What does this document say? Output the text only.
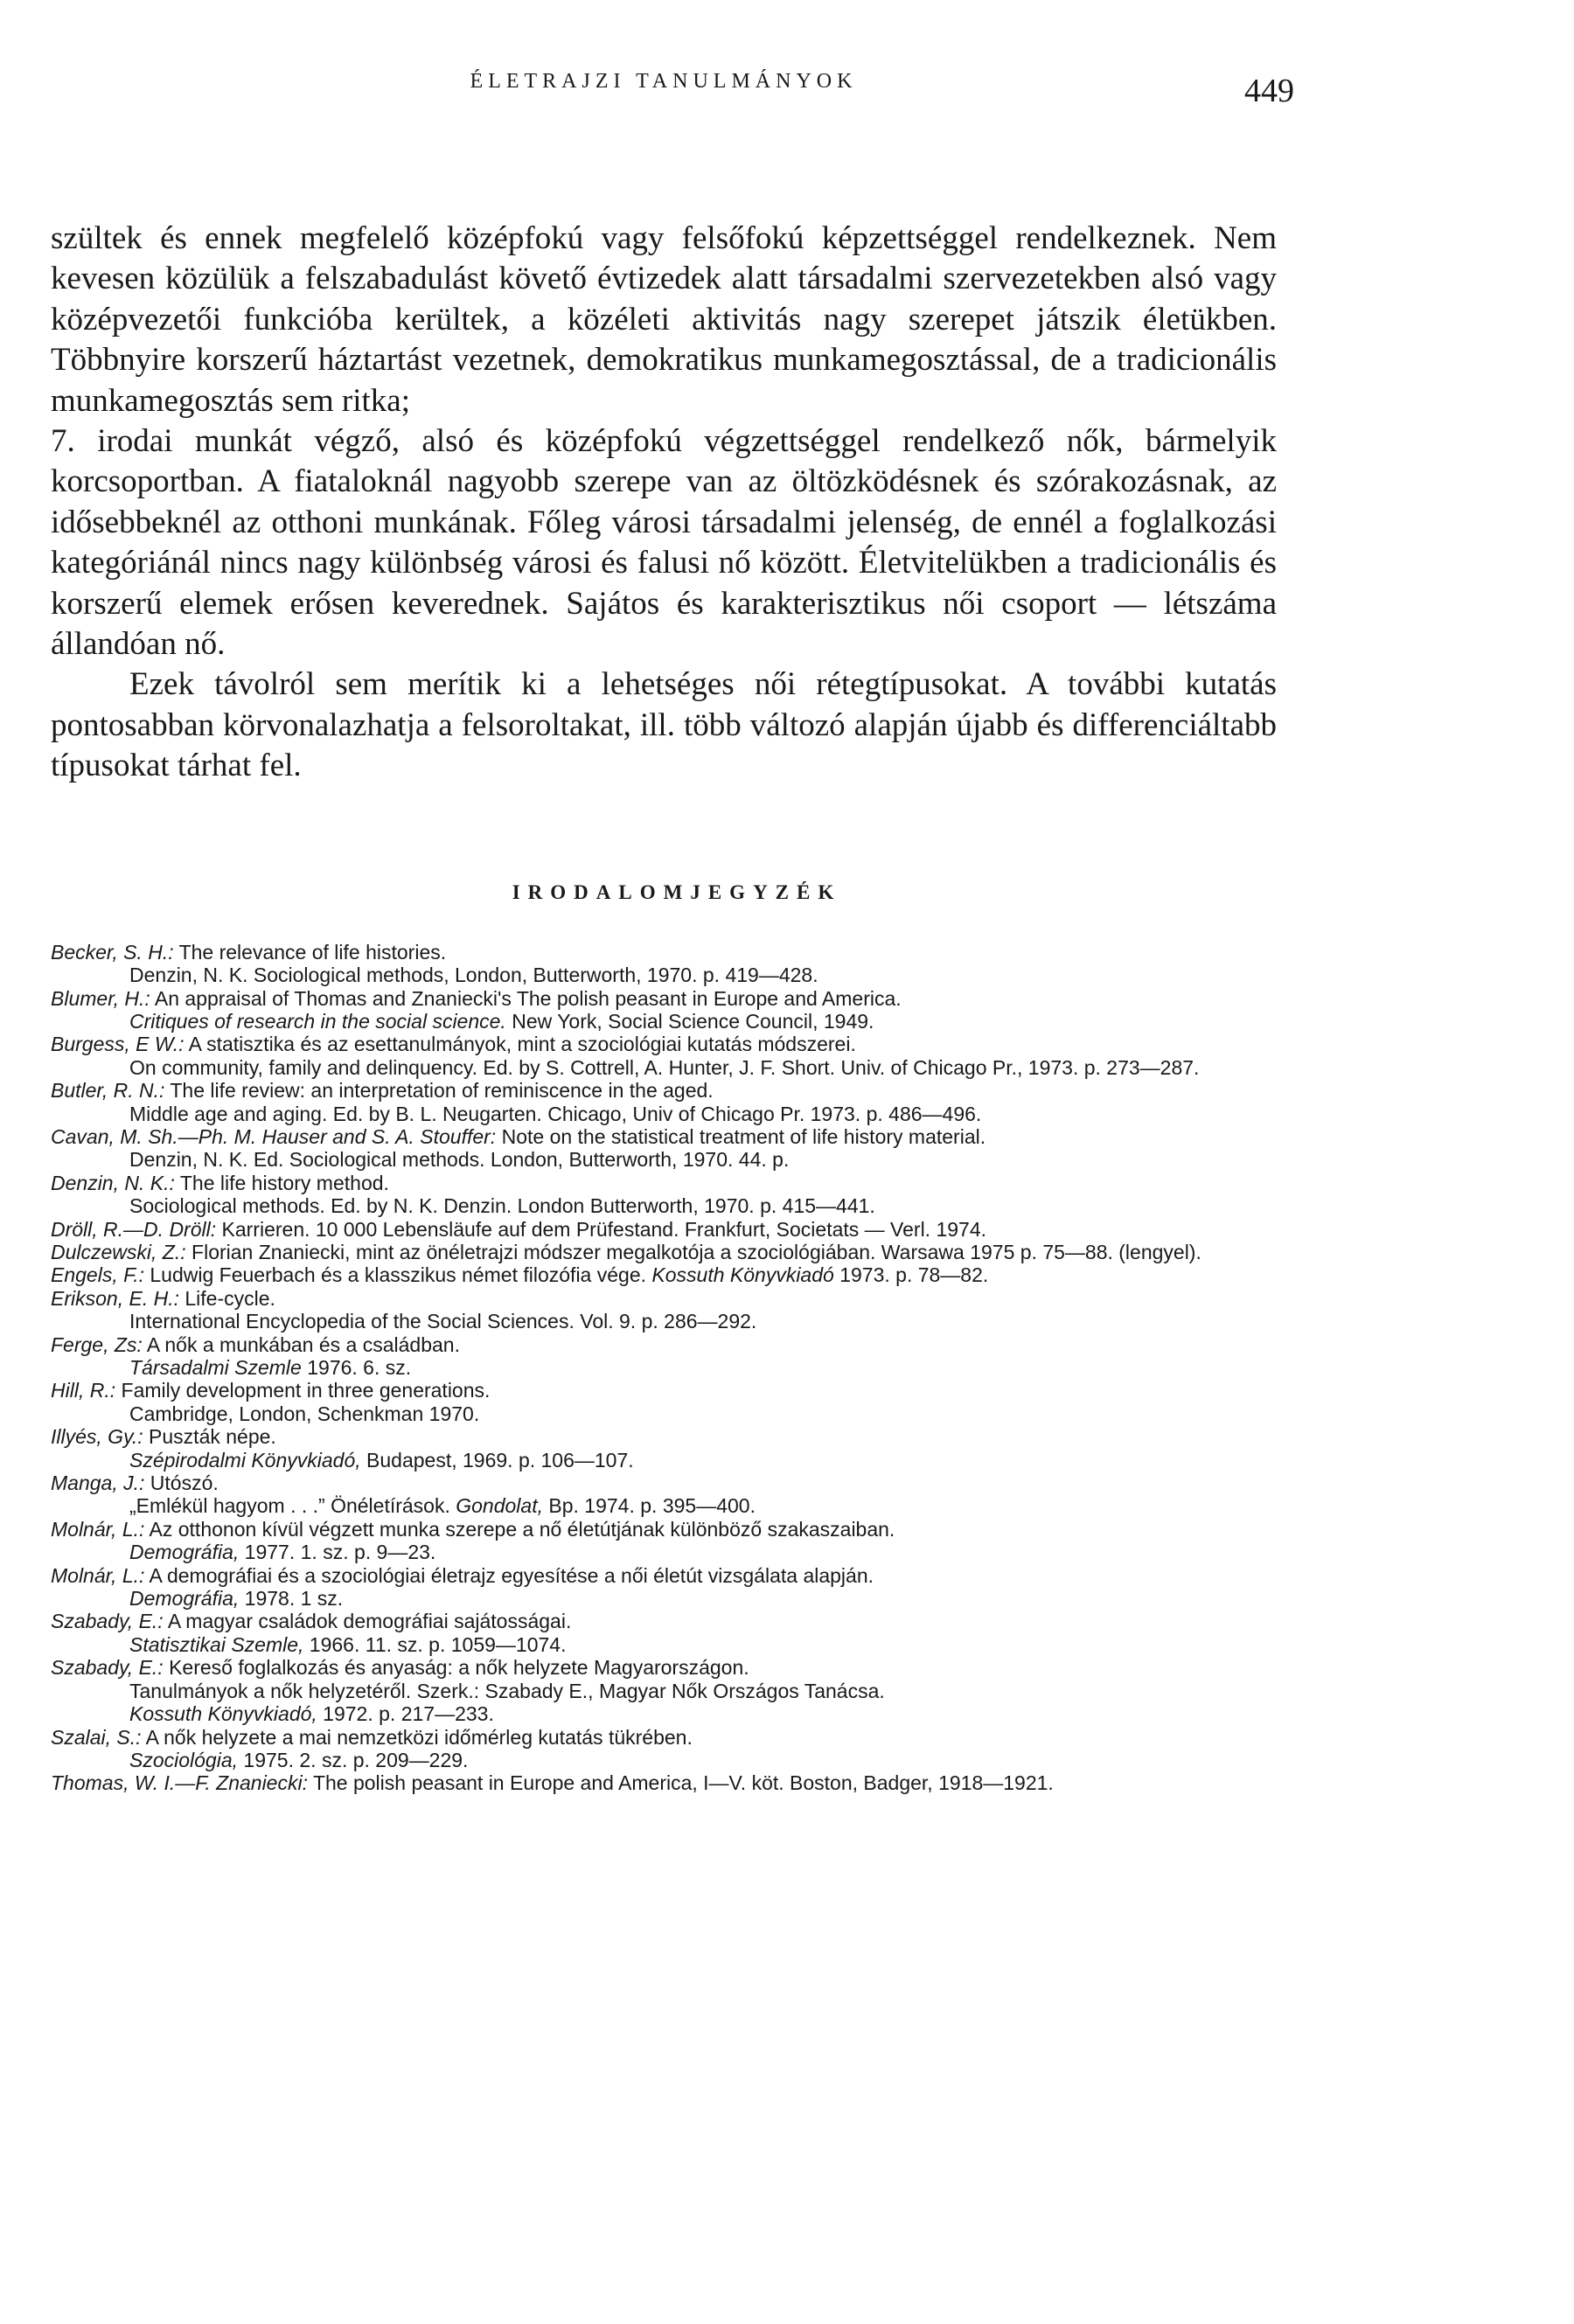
ÉLETRAJZI TANULMÁNYOK	449

szültek és ennek megfelelő középfokú vagy felsőfokú képzettséggel rendelkeznek. Nem kevesen közülük a felszabadulást követő évtizedek alatt társadalmi szervezetekben alsó vagy középvezetői funkcióba kerültek, a közéleti aktivitás nagy szerepet játszik életükben. Többnyire korszerű háztartást vezetnek, demokratikus munkamegosztással, de a tradicionális munkamegosztás sem ritka;

7. irodai munkát végző, alsó és középfokú végzettséggel rendelkező nők, bármelyik korcsoportban. A fiataloknál nagyobb szerepe van az öltözködésnek és szórakozásnak, az idősebbeknél az otthoni munkának. Főleg városi társadalmi jelenség, de ennél a foglalkozási kategóriánál nincs nagy különbség városi és falusi nő között. Életvitelükben a tradicionális és korszerű elemek erősen keverednek. Sajátos és karakterisztikus női csoport — létszáma állandóan nő.

Ezek távolról sem merítik ki a lehetséges női rétegtípusokat. A további kutatás pontosabban körvonalazhatja a felsoroltakat, ill. több változó alapján újabb és differenciáltabb típusokat tárhat fel.

IRODALOMJEGYZÉK

Becker, S. H.: The relevance of life histories.

Denzin, N. K. Sociological methods, London, Butterworth, 1970. p. 419—428.

Blumer, H.: An appraisal of Thomas and Znaniecki's The polish peasant in Europe and America.

Critiques of research in the social science. New York, Social Science Council, 1949.

Burgess, E W.: A statisztika és az esettanulmányok, mint a szociológiai kutatás módszerei.

On community, family and delinquency. Ed. by S. Cottrell, A. Hunter, J. F. Short. Univ. of Chicago Pr., 1973. p. 273—287.

Butler, R. N.: The life review: an interpretation of reminiscence in the aged.

Middle age and aging. Ed. by B. L. Neugarten. Chicago, Univ of Chicago Pr. 1973. p. 486—496.

Cavan, M. Sh.—Ph. M. Hauser and S. A. Stouffer: Note on the statistical treatment of life history material.

Denzin, N. K. Ed. Sociological methods. London, Butterworth, 1970. 44. p.

Denzin, N. K.: The life history method.

Sociological methods. Ed. by N. K. Denzin. London Butterworth, 1970. p. 415—441.

Dröll, R.—D. Dröll: Karrieren. 10 000 Lebensläufe auf dem Prüfestand. Frankfurt, Societats — Verl. 1974.

Dulczewski, Z.: Florian Znaniecki, mint az önéletrajzi módszer megalkotója a szociológiában. Warsawa 1975 p. 75—88. (lengyel).

Engels, F.: Ludwig Feuerbach és a klasszikus német filozófia vége. Kossuth Könyvkiadó 1973. p. 78—82.

Erikson, E. H.: Life-cycle.

International Encyclopedia of the Social Sciences. Vol. 9. p. 286—292.

Ferge, Zs: A nők a munkában és a családban.

Társadalmi Szemle 1976. 6. sz.

Hill, R.: Family development in three generations.

Cambridge, London, Schenkman 1970.

Illyés, Gy.: Puszták népe.

Szépirodalmi Könyvkiadó, Budapest, 1969. p. 106—107.

Manga, J.: Utószó.

„Emlékül hagyom . . .” Önéletírások. Gondolat, Bp. 1974. p. 395—400.

Molnár, L.: Az otthonon kívül végzett munka szerepe a nő életútjának különböző szakaszaiban.

Demográfia, 1977. 1. sz. p. 9—23.

Molnár, L.: A demográfiai és a szociológiai életrajz egyesítése a női életút vizsgálata alapján.

Demográfia, 1978. 1 sz.

Szabady, E.: A magyar családok demográfiai sajátosságai.

Statisztikai Szemle, 1966. 11. sz. p. 1059—1074.

Szabady, E.: Kereső foglalkozás és anyaság: a nők helyzete Magyarországon.

Tanulmányok a nők helyzetéről. Szerk.: Szabady E., Magyar Nők Országos Tanácsa.

Kossuth Könyvkiadó, 1972. p. 217—233.

Szalai, S.: A nők helyzete a mai nemzetközi időmérleg kutatás tükrében.

Szociológia, 1975. 2. sz. p. 209—229.

Thomas, W. I.—F. Znaniecki: The polish peasant in Europe and America, I—V. köt. Boston, Badger, 1918—1921.
